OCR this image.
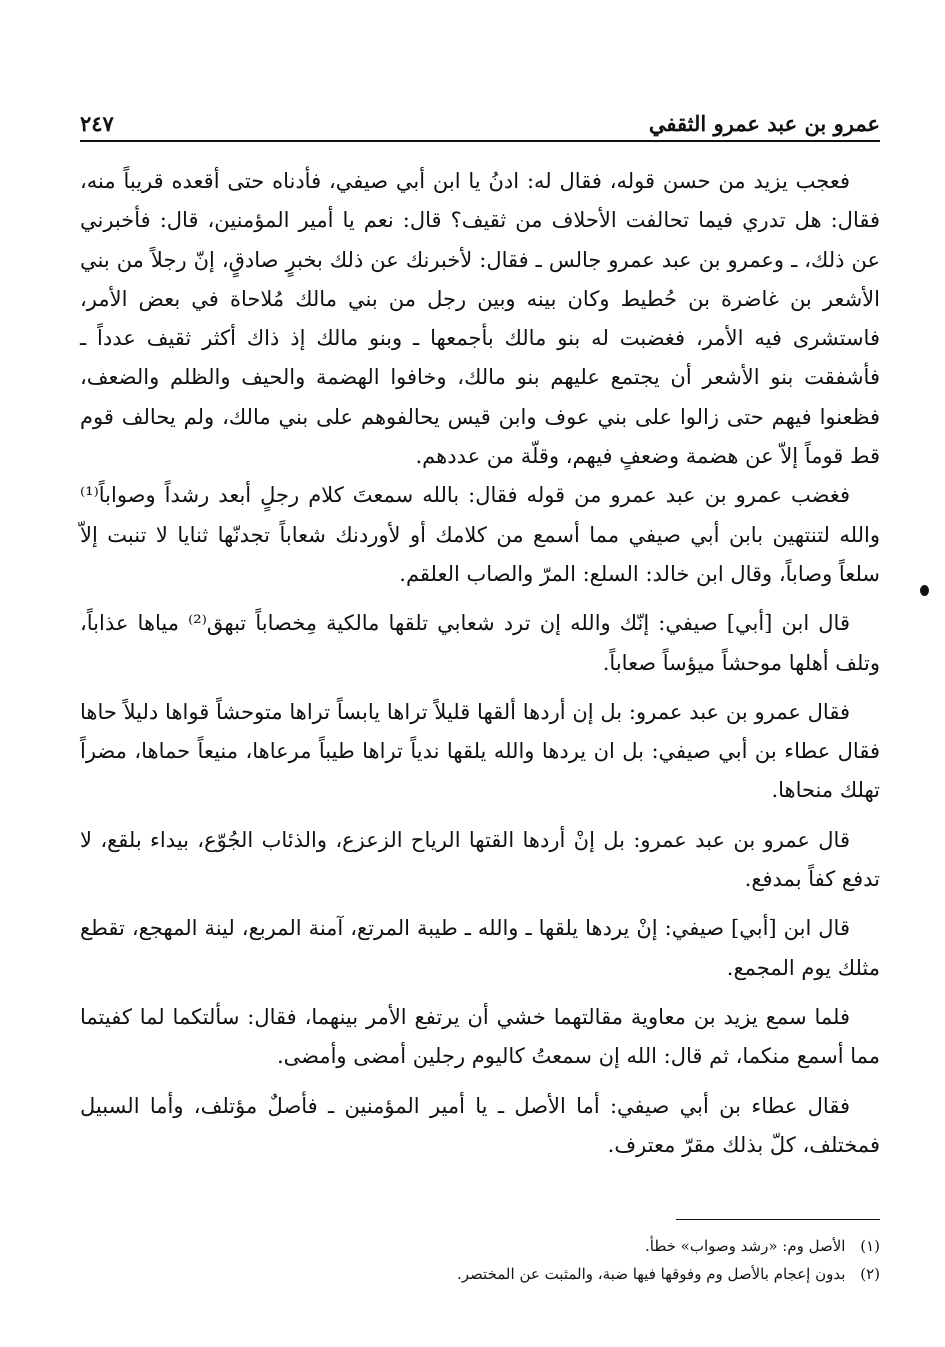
عمرو بن عبد عمرو الثقفي
٢٤٧

فعجب يزيد من حسن قوله، فقال له: ادنُ يا ابن أبي صيفي، فأدناه حتى أقعده قريباً منه، فقال: هل تدري فيما تحالفت الأحلاف من ثقيف؟ قال: نعم يا أمير المؤمنين، قال: فأخبرني عن ذلك، ـ وعمرو بن عبد عمرو جالس ـ فقال: لأخبرنك عن ذلك بخبرٍ صادقٍ، إنّ رجلاً من بني الأشعر بن غاضرة بن حُطيط وكان بينه وبين رجل من بني مالك مُلاحاة في بعض الأمر، فاستشرى فيه الأمر، فغضبت له بنو مالك بأجمعها ـ وبنو مالك إذ ذاك أكثر ثقيف عدداً ـ فأشفقت بنو الأشعر أن يجتمع عليهم بنو مالك، وخافوا الهضمة والحيف والظلم والضعف، فظعنوا فيهم حتى زالوا على بني عوف وابن قيس يحالفوهم على بني مالك، ولم يحالف قوم قط قوماً إلاّ عن هضمة وضعفٍ فيهم، وقلّة من عددهم.

فغضب عمرو بن عبد عمرو من قوله فقال: بالله سمعتَ كلام رجلٍ أبعد رشداً وصواباً⁽¹⁾ والله لتنتهين بابن أبي صيفي مما أسمع من كلامك أو لأوردنك شعاباً تجدنّها ثنايا لا تنبت إلاّ سلعاً وصاباً، وقال ابن خالد: السلع: المرّ والصاب العلقم.

قال ابن [أبي] صيفي: إنّك والله إن ترد شعابي تلقها مالكية مِخصاباً تبهق⁽²⁾ مياها عذاباً، وتلف أهلها موحشاً ميؤساً صعاباً.

فقال عمرو بن عبد عمرو: بل إن أردها ألقها قليلاً تراها يابساً تراها متوحشاً قواها دليلاً حاها فقال عطاء بن أبي صيفي: بل ان يردها والله يلقها ندياً تراها طيباً مرعاها، منيعاً حماها، مضراً تهلك منحاها.

قال عمرو بن عبد عمرو: بل إنْ أردها القتها الرياح الزعزع، والذئاب الجُوّع، بيداء بلقع، لا تدفع كفاً بمدفع.

قال ابن [أبي] صيفي: إنْ يردها يلقها ـ والله ـ طيبة المرتع، آمنة المربع، لينة المهجع، تقطع مثلك يوم المجمع.

فلما سمع يزيد بن معاوية مقالتهما خشي أن يرتفع الأمر بينهما، فقال: سألتكما لما كفيتما مما أسمع منكما، ثم قال: الله إن سمعتُ كاليوم رجلين أمضى وأمضى.

فقال عطاء بن أبي صيفي: أما الأصل ـ يا أمير المؤمنين ـ فأصلٌ مؤتلف، وأما السبيل فمختلف، كلّ بذلك مقرّ معترف.

(١) الأصل وم: «رشد وصواب» خطأ.
(٢) بدون إعجام بالأصل وم وفوقها فيها ضبة، والمثبت عن المختصر.
